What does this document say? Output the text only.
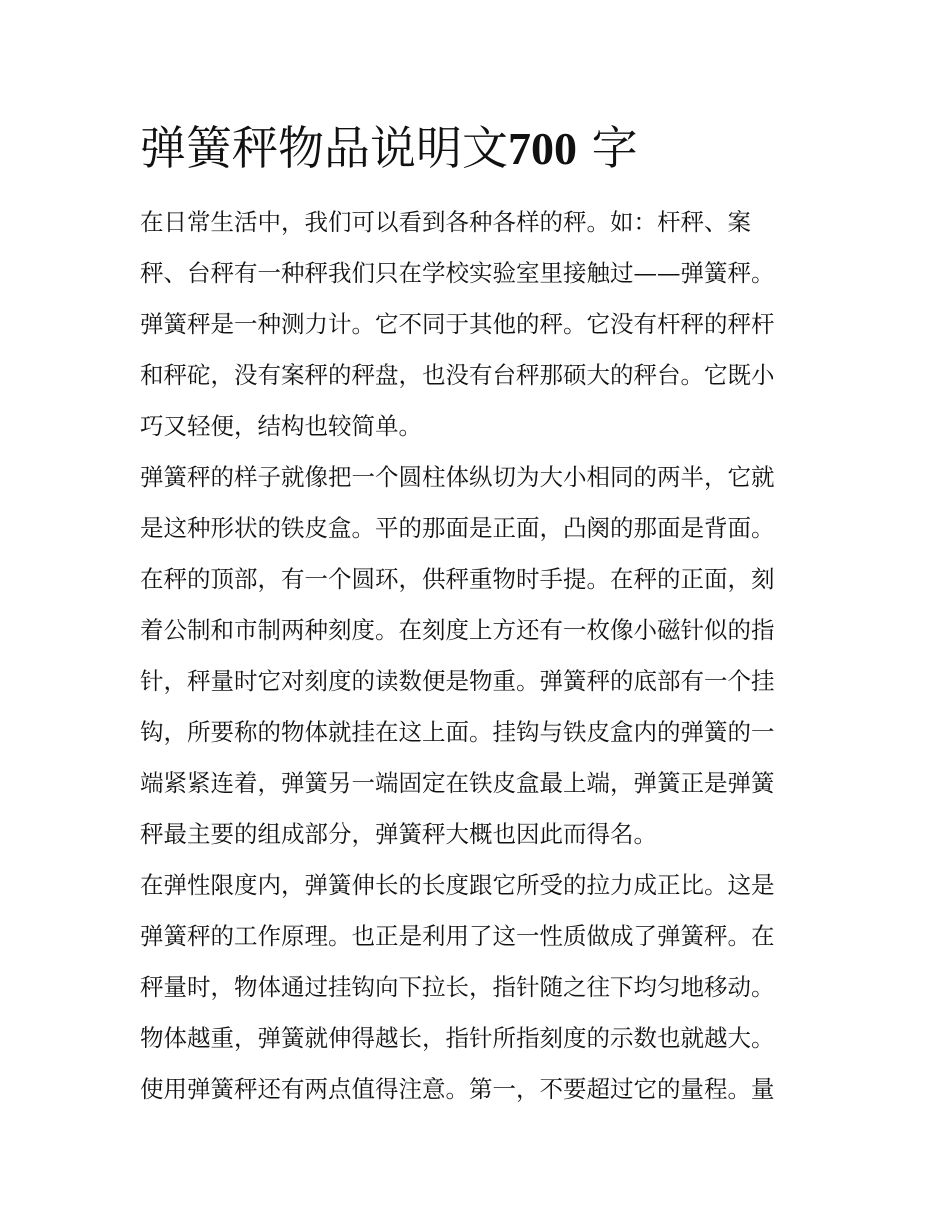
弹簧秤物品说明文700 字
在日常生活中，我们可以看到各种各样的秤。如：杆秤、案
秤、台秤有一种秤我们只在学校实验室里接触过——弹簧秤。
弹簧秤是一种测力计。它不同于其他的秤。它没有杆秤的秤杆
和秤砣，没有案秤的秤盘，也没有台秤那硕大的秤台。它既小
巧又轻便，结构也较简单。
弹簧秤的样子就像把一个圆柱体纵切为大小相同的两半，它就
是这种形状的铁皮盒。平的那面是正面，凸阕的那面是背面。
在秤的顶部，有一个圆环，供秤重物时手提。在秤的正面，刻
着公制和市制两种刻度。在刻度上方还有一枚像小磁针似的指
针，秤量时它对刻度的读数便是物重。弹簧秤的底部有一个挂
钩，所要称的物体就挂在这上面。挂钩与铁皮盒内的弹簧的一
端紧紧连着，弹簧另一端固定在铁皮盒最上端，弹簧正是弹簧
秤最主要的组成部分，弹簧秤大概也因此而得名。
在弹性限度内，弹簧伸长的长度跟它所受的拉力成正比。这是
弹簧秤的工作原理。也正是利用了这一性质做成了弹簧秤。在
秤量时，物体通过挂钩向下拉长，指针随之往下均匀地移动。
物体越重，弹簧就伸得越长，指针所指刻度的示数也就越大。
使用弹簧秤还有两点值得注意。第一，不要超过它的量程。量
